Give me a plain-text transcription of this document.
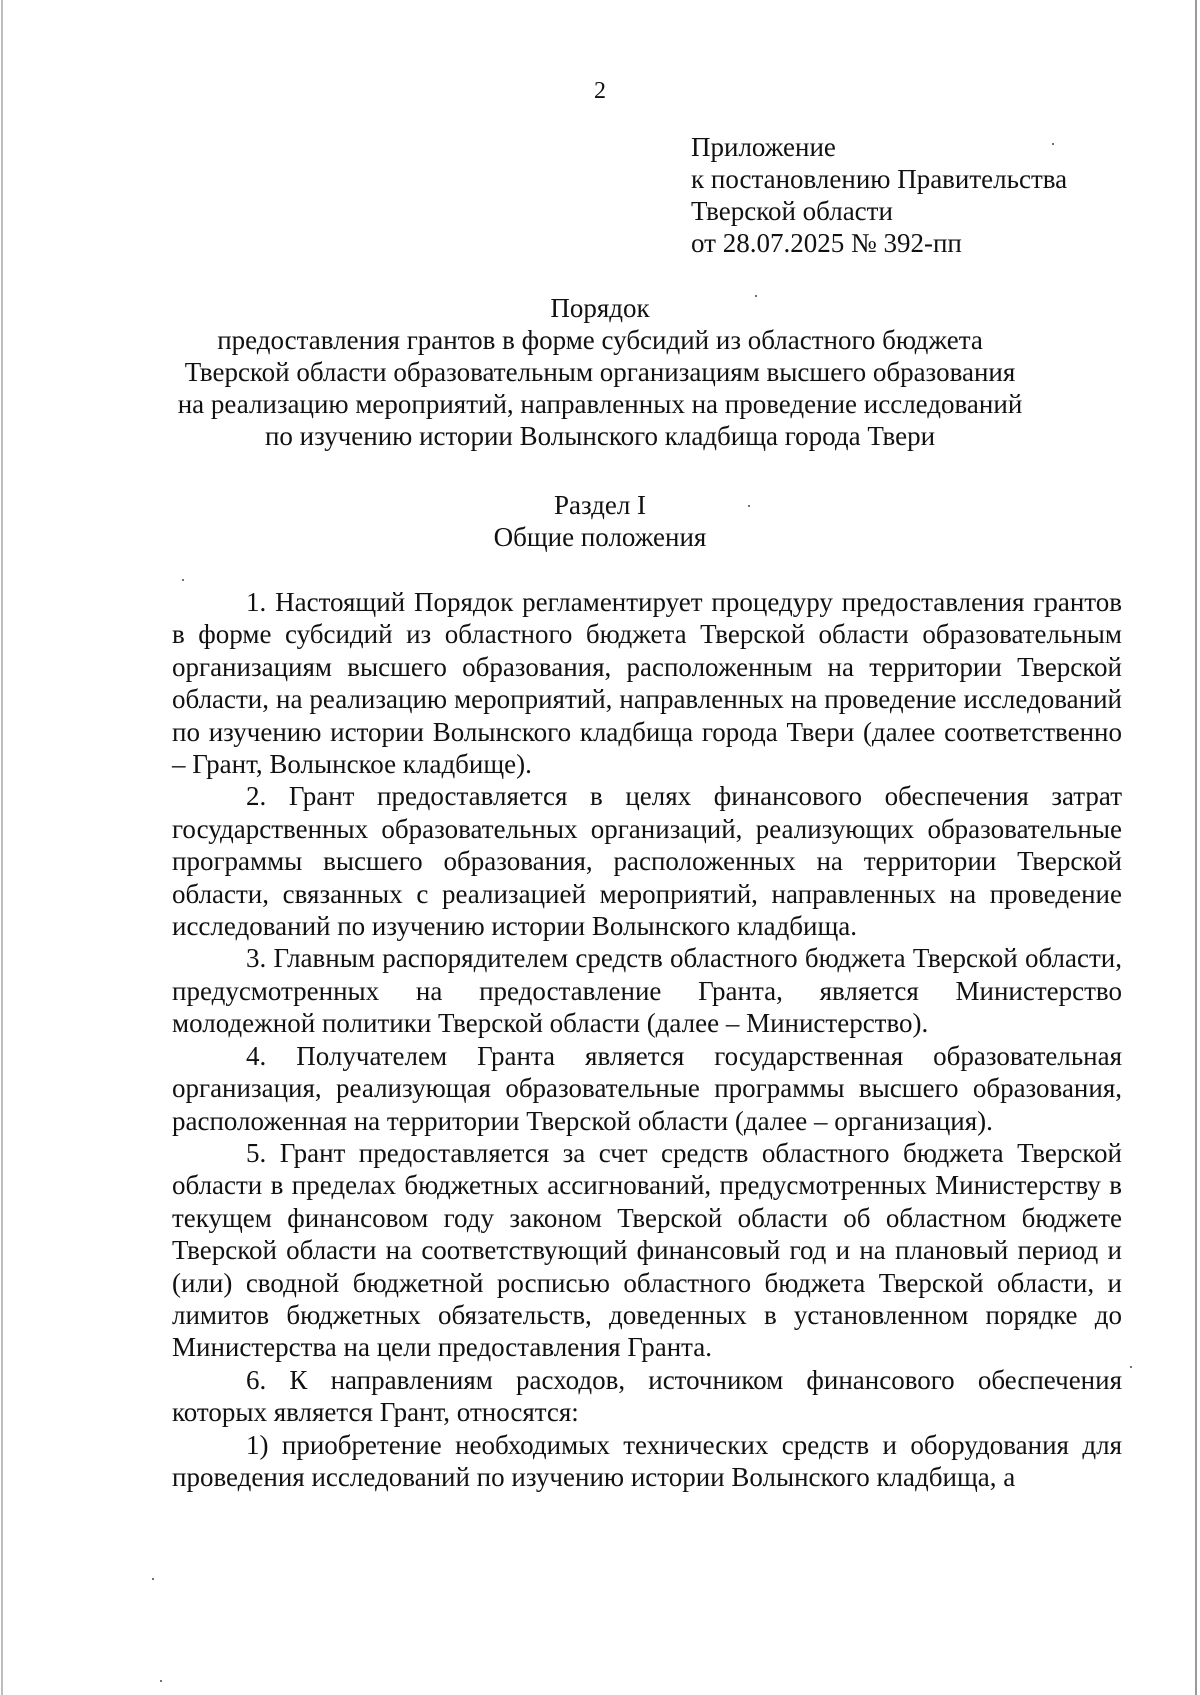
2
Приложение
к постановлению Правительства
Тверской области
от 28.07.2025 № 392-пп
Порядок
предоставления грантов в форме субсидий из областного бюджета
Тверской области образовательным организациям высшего образования
на реализацию мероприятий, направленных на проведение исследований
по изучению истории Волынского кладбища города Твери
Раздел I
Общие положения

1. Настоящий Порядок регламентирует процедуру предоставления грантов в форме субсидий из областного бюджета Тверской области образовательным организациям высшего образования, расположенным на территории Тверской области, на реализацию мероприятий, направленных на проведение исследований по изучению истории Волынского кладбища города Твери (далее соответственно – Грант, Волынское кладбище).

2. Грант предоставляется в целях финансового обеспечения затрат государственных образовательных организаций, реализующих образовательные программы высшего образования, расположенных на территории Тверской области, связанных с реализацией мероприятий, направленных на проведение исследований по изучению истории Волынского кладбища.

3. Главным распорядителем средств областного бюджета Тверской области, предусмотренных на предоставление Гранта, является Министерство молодежной политики Тверской области (далее – Министерство).

4. Получателем Гранта является государственная образовательная организация, реализующая образовательные программы высшего образования, расположенная на территории Тверской области (далее – организация).

5. Грант предоставляется за счет средств областного бюджета Тверской области в пределах бюджетных ассигнований, предусмотренных Министерству в текущем финансовом году законом Тверской области об областном бюджете Тверской области на соответствующий финансовый год и на плановый период и (или) сводной бюджетной росписью областного бюджета Тверской области, и лимитов бюджетных обязательств, доведенных в установленном порядке до Министерства на цели предоставления Гранта.

6. К направлениям расходов, источником финансового обеспечения которых является Грант, относятся:

1) приобретение необходимых технических средств и оборудования для проведения исследований по изучению истории Волынского кладбища, а
